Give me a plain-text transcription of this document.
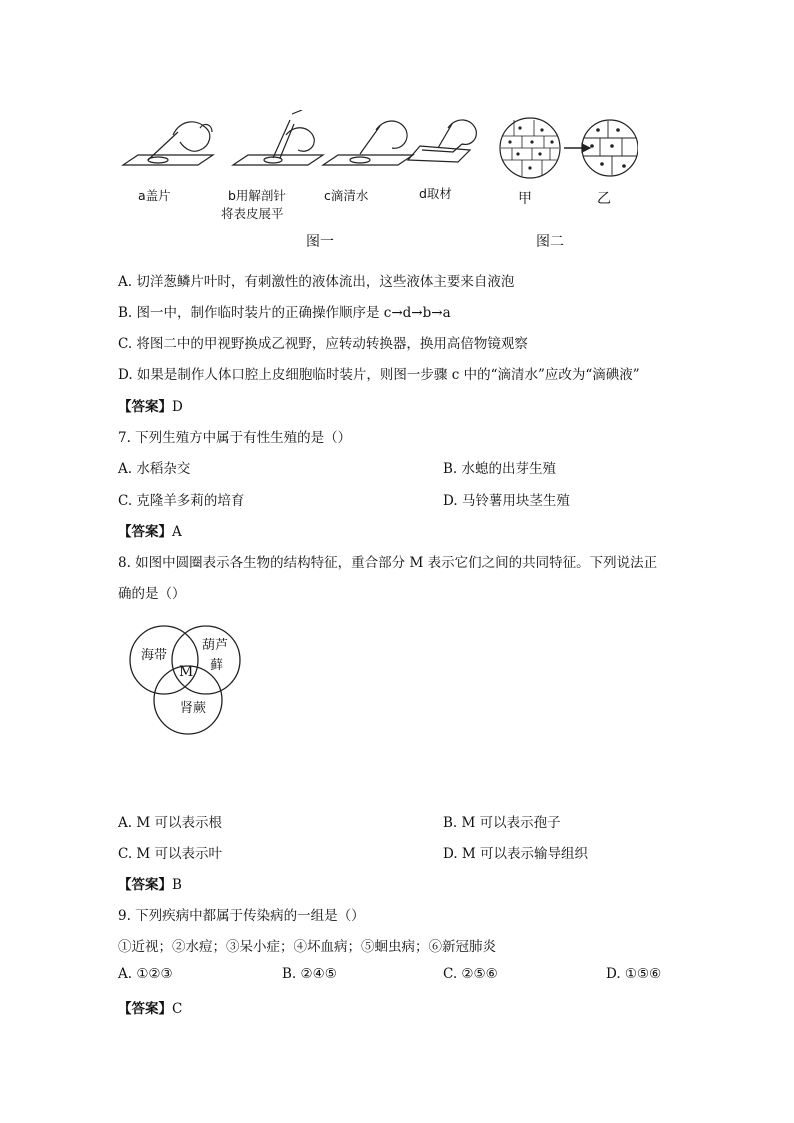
a盖片	b用解剖针
将表皮展平
c滴清水	d取材	甲	乙
图一	图二
A. 切洋葱鳞片叶时，有刺激性的液体流出，这些液体主要来自液泡
B. 图一中，制作临时装片的正确操作顺序是 c→d→b→a
C. 将图二中的甲视野换成乙视野，应转动转换器，换用高倍物镜观察
D. 如果是制作人体口腔上皮细胞临时装片，则图一步骤 c 中的“滴清水”应改为“滴碘液”
【答案】D
7. 下列生殖方中属于有性生殖的是（）
A. 水稻杂交	B. 水螅的出芽生殖
C. 克隆羊多莉的培育	D. 马铃薯用块茎生殖
【答案】A
8. 如图中圆圈表示各生物的结构特征，重合部分 M 表示它们之间的共同特征。下列说法正
确的是（）
海带
葫芦
藓
肾蕨
M
A. M 可以表示根	B. M 可以表示孢子
C. M 可以表示叶	D. M 可以表示输导组织
【答案】B
9. 下列疾病中都属于传染病的一组是（）
①近视；②水痘；③呆小症；④坏血病；⑤蛔虫病；⑥新冠肺炎
A. ①②③	B. ②④⑤	C. ②⑤⑥	D. ①⑤⑥
【答案】C
